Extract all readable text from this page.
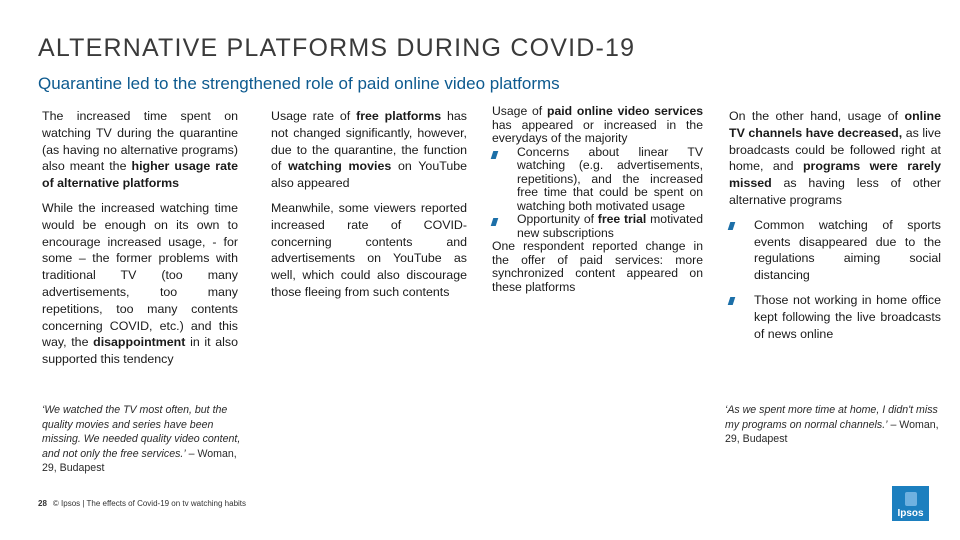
ALTERNATIVE PLATFORMS DURING COVID-19
Quarantine led to the strengthened role of paid online video platforms

The increased time spent on watching TV during the quarantine (as having no alternative programs) also meant the higher usage rate of alternative platforms

While the increased watching time would be enough on its own to encourage increased usage, - for some – the former problems with traditional TV (too many advertisements, too many repetitions, too many contents concerning COVID, etc.) and this way, the disappointment in it also supported this tendency

Usage rate of free platforms has not changed significantly, however, due to the quarantine, the function of watching movies on YouTube also appeared

Meanwhile, some viewers reported increased rate of COVID-concerning contents and advertisements on YouTube as well, which could also discourage those fleeing from such contents

Usage of paid online video services has appeared or increased in the everydays of the majority

Concerns about linear TV watching (e.g. advertisements, repetitions), and the increased free time that could be spent on watching both motivated usage
Opportunity of free trial motivated new subscriptions

One respondent reported change in the offer of paid services: more synchronized content appeared on these platforms

On the other hand, usage of online TV channels have decreased, as live broadcasts could be followed right at home, and programs were rarely missed as having less of other alternative programs

Common watching of sports events disappeared due to the regulations aiming social distancing
Those not working in home office kept following the live broadcasts of news online
‘We watched the TV most often, but the quality movies and series have been missing. We needed quality video content, and not only the free services.’ – Woman, 29, Budapest
‘As we spent more time at home, I didn't miss my programs on normal channels.’ – Woman, 29, Budapest
28 © Ipsos | The effects of Covid-19 on tv watching habits
Ipsos
